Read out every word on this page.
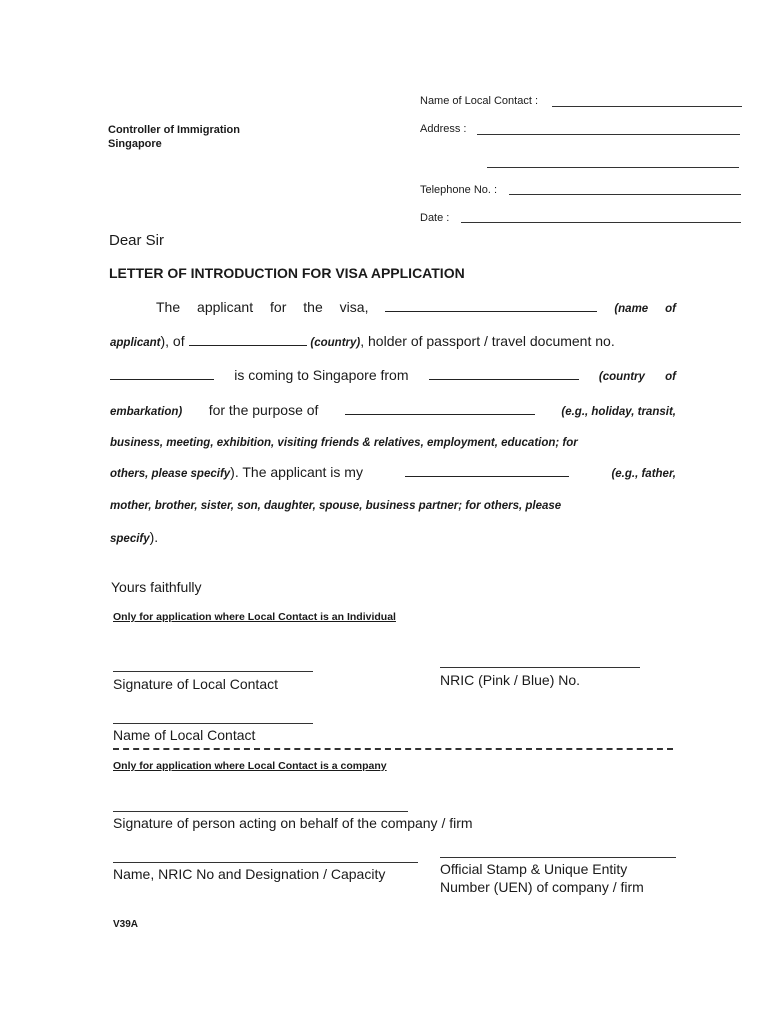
Name of Local Contact :
Address :
Telephone No. :
Date :
Controller of Immigration
Singapore
Dear Sir
LETTER OF INTRODUCTION FOR VISA APPLICATION
The applicant for the visa,	(name of
applicant), of	(country), holder of passport / travel document no.
is coming to Singapore from	(country of
embarkation) for the purpose of	(e.g., holiday, transit,
business, meeting, exhibition, visiting friends & relatives, employment, education; for
others, please specify). The applicant is my	(e.g., father,
mother, brother, sister, son, daughter, spouse, business partner; for others, please
specify).
Yours faithfully
Only for application where Local Contact is an Individual
Signature of Local Contact	NRIC (Pink / Blue) No.
Name of Local Contact
Only for application where Local Contact is a company
Signature of person acting on behalf of the company / firm
Name, NRIC No and Designation / Capacity	Official Stamp & Unique Entity
Number (UEN) of company / firm
V39A
